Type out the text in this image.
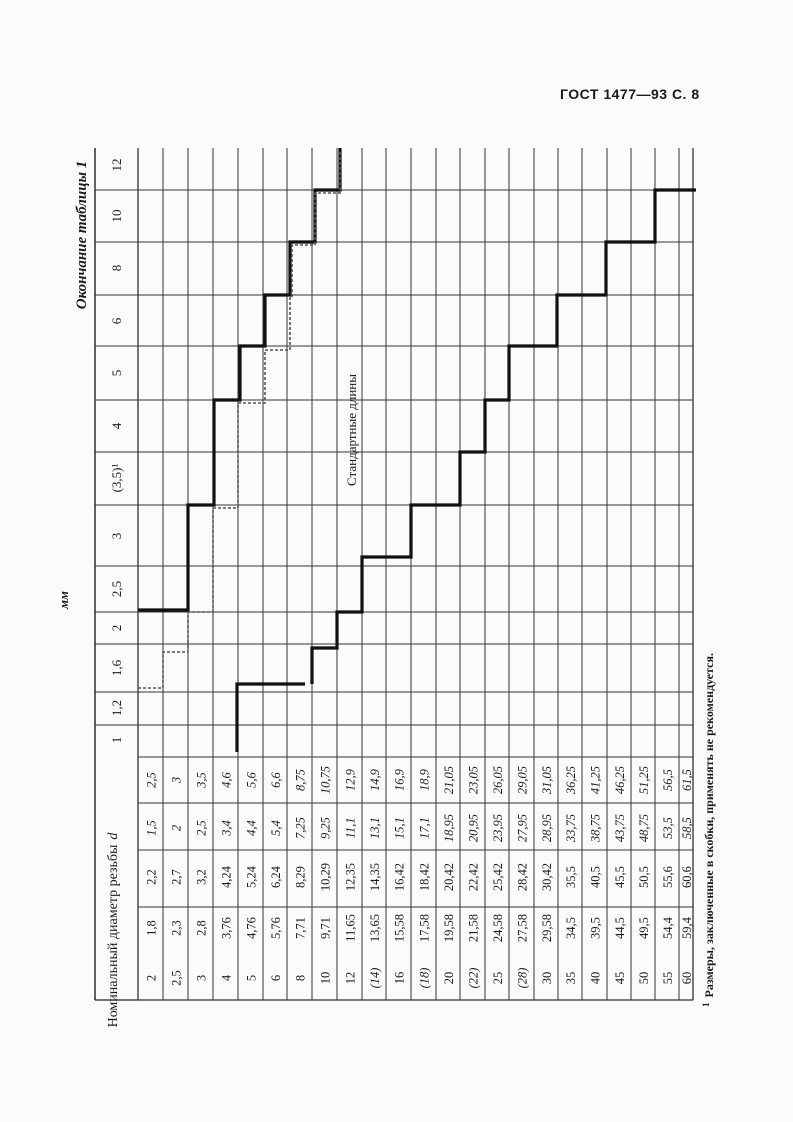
ГОСТ 1477—93 С. 8
1
1,2
1,6
2
2,5
3
(3,5)¹
4
5
6
8
10
12
2
1,8
2,2
1,5
2,5
2,5
2,3
2,7
2
3
3
2,8
3,2
2,5
3,5
4
3,76
4,24
3,4
4,6
5
4,76
5,24
4,4
5,6
6
5,76
6,24
5,4
6,6
8
7,71
8,29
7,25
8,75
10
9,71
10,29
9,25
10,75
12
11,65
12,35
11,1
12,9
(14)
13,65
14,35
13,1
14,9
16
15,58
16,42
15,1
16,9
(18)
17,58
18,42
17,1
18,9
20
19,58
20,42
18,95
21,05
(22)
21,58
22,42
20,95
23,05
25
24,58
25,42
23,95
26,05
(28)
27,58
28,42
27,95
29,05
30
29,58
30,42
28,95
31,05
35
34,5
35,5
33,75
36,25
40
39,5
40,5
38,75
41,25
45
44,5
45,5
43,75
46,25
50
49,5
50,5
48,75
51,25
55
54,4
55,6
53,5
56,5
60
59,4
60,6
58,5
61,5
Окончание таблицы 1
мм
Номинальный диаметр резьбыd
Стандартные длины
$^1$Размеры, заключенные в скобки, применять не рекомендуется.
